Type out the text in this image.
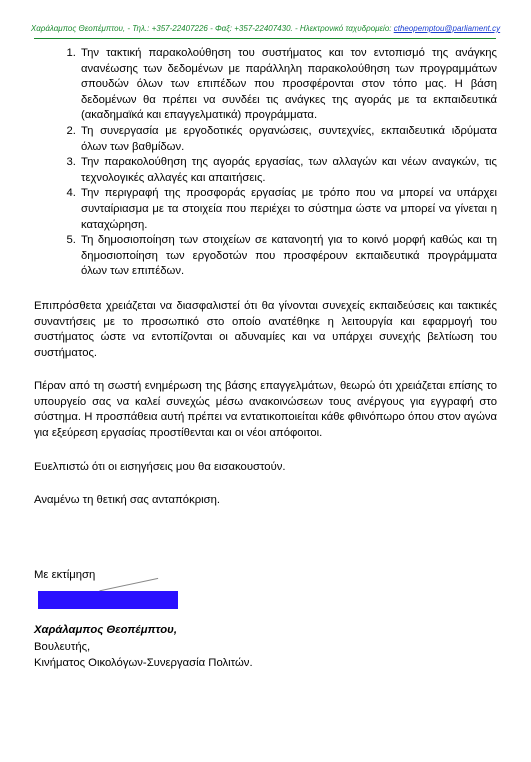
Χαράλαμπος Θεοπέμπτου, - Τηλ.: +357-22407226 - Φαξ: +357-22407430. - Ηλεκτρονικό ταχυδρομείο: ctheopemptou@parliament.cy
1. Την τακτική παρακολούθηση του συστήματος και τον εντοπισμό της ανάγκης ανανέωσης των δεδομένων με παράλληλη παρακολούθηση των προγραμμάτων σπουδών όλων των επιπέδων που προσφέρονται στον τόπο μας. Η βάση δεδομένων θα πρέπει να συνδέει τις ανάγκες της αγοράς με τα εκπαιδευτικά (ακαδημαϊκά και επαγγελματικά) προγράμματα.
2. Τη συνεργασία με εργοδοτικές οργανώσεις, συντεχνίες, εκπαιδευτικά ιδρύματα όλων των βαθμίδων.
3. Την παρακολούθηση της αγοράς εργασίας, των αλλαγών και νέων αναγκών, τις τεχνολογικές αλλαγές και απαιτήσεις.
4. Την περιγραφή της προσφοράς εργασίας με τρόπο που να μπορεί να υπάρχει συνταίριασμα με τα στοιχεία που περιέχει το σύστημα ώστε να μπορεί να γίνεται η καταχώρηση.
5. Τη δημοσιοποίηση των στοιχείων σε κατανοητή για το κοινό μορφή καθώς και τη δημοσιοποίηση των εργοδοτών που προσφέρουν εκπαιδευτικά προγράμματα όλων των επιπέδων.

Επιπρόσθετα χρειάζεται να διασφαλιστεί ότι θα γίνονται συνεχείς εκπαιδεύσεις και τακτικές συναντήσεις με το προσωπικό στο οποίο ανατέθηκε η λειτουργία και εφαρμογή του συστήματος ώστε να εντοπίζονται οι αδυναμίες και να υπάρχει συνεχής βελτίωση του συστήματος.

Πέραν από τη σωστή ενημέρωση της βάσης επαγγελμάτων, θεωρώ ότι χρειάζεται επίσης το υπουργείο σας να καλεί συνεχώς μέσω ανακοινώσεων τους ανέργους για εγγραφή στο σύστημα. Η προσπάθεια αυτή πρέπει να εντατικοποιείται κάθε φθινόπωρο όπου στον αγώνα για εξεύρεση εργασίας προστίθενται και οι νέοι απόφοιτοι.

Ευελπιστώ ότι οι εισηγήσεις μου θα εισακουστούν.

Αναμένω τη θετική σας ανταπόκριση.

Με εκτίμηση
Χαράλαμπος Θεοπέμπτου,
Βουλευτής,
Κινήματος Οικολόγων-Συνεργασία Πολιτών.
